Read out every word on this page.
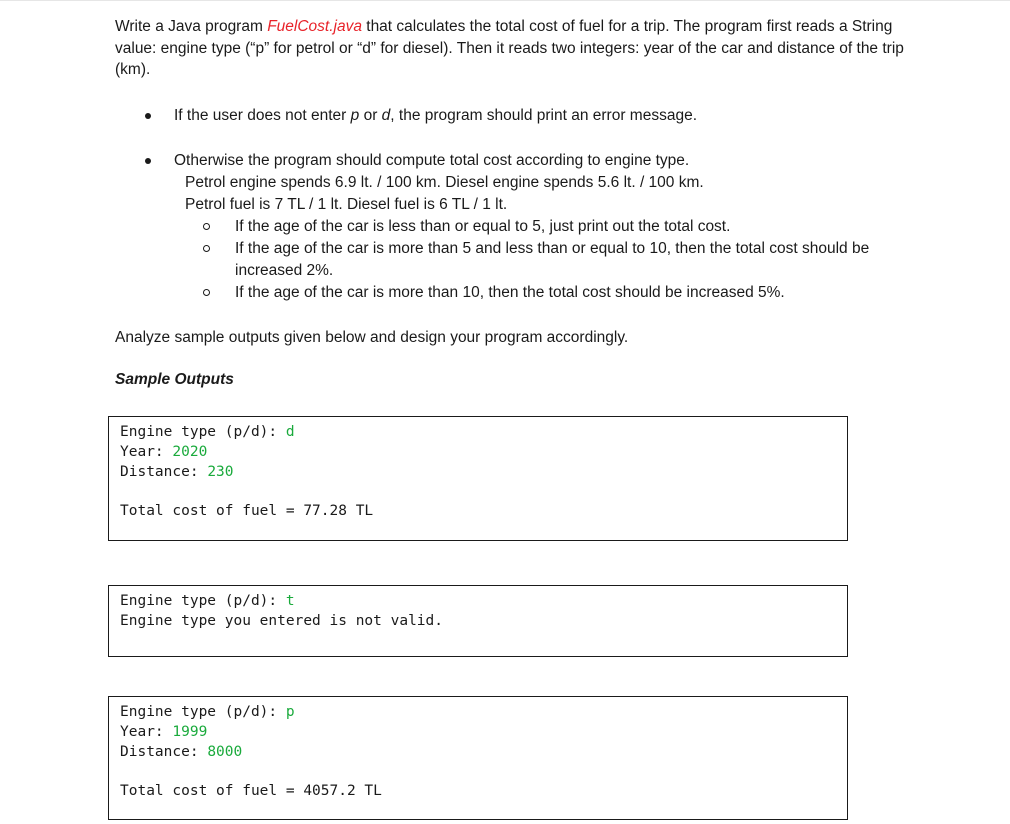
Write a Java program FuelCost.java that calculates the total cost of fuel for a trip. The program first reads a String value: engine type (“p” for petrol or “d” for diesel). Then it reads two integers: year of the car and distance of the trip (km).
If the user does not enter p or d, the program should print an error message.
Otherwise the program should compute total cost according to engine type.
Petrol engine spends 6.9 lt. / 100 km. Diesel engine spends 5.6 lt. / 100 km.
Petrol fuel is 7 TL / 1 lt. Diesel fuel is 6 TL / 1 lt.
If the age of the car is less than or equal to 5, just print out the total cost.
If the age of the car is more than 5 and less than or equal to 10, then the total cost should be increased 2%.
If the age of the car is more than 10, then the total cost should be increased 5%.
Analyze sample outputs given below and design your program accordingly.
Sample Outputs
Engine type (p/d): d
Year: 2020
Distance: 230
Total cost of fuel = 77.28 TL
Engine type (p/d): t
Engine type you entered is not valid.
Engine type (p/d): p
Year: 1999
Distance: 8000
Total cost of fuel = 4057.2 TL
